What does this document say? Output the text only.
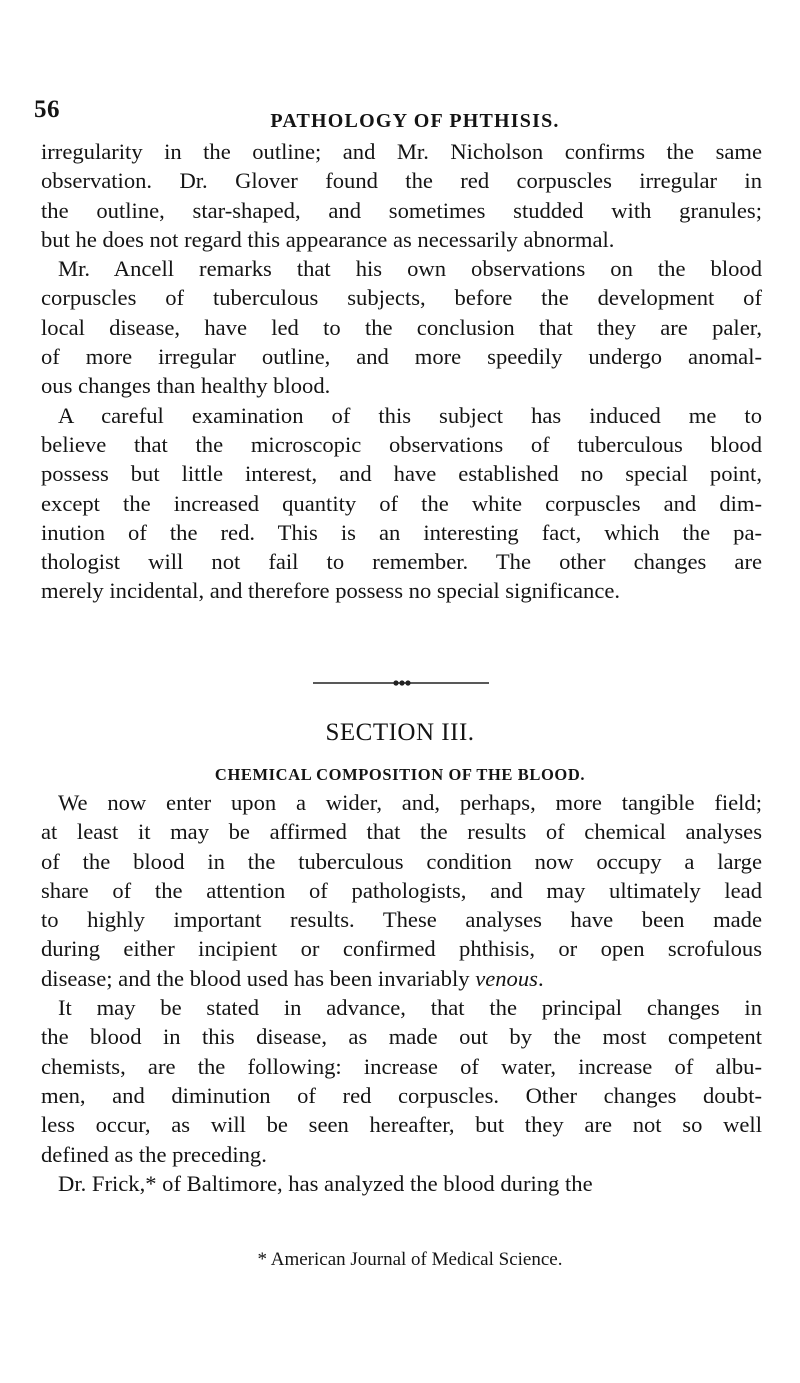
56	PATHOLOGY OF PHTHISIS.
irregularity in the outline; and Mr. Nicholson confirms the same
observation. Dr. Glover found the red corpuscles irregular in
the outline, star-shaped, and sometimes studded with granules;
but he does not regard this appearance as necessarily abnormal.
Mr. Ancell remarks that his own observations on the blood
corpuscles of tuberculous subjects, before the development of
local disease, have led to the conclusion that they are paler,
of more irregular outline, and more speedily undergo anomal-
ous changes than healthy blood.
A careful examination of this subject has induced me to
believe that the microscopic observations of tuberculous blood
possess but little interest, and have established no special point,
except the increased quantity of the white corpuscles and dim-
inution of the red. This is an interesting fact, which the pa-
thologist will not fail to remember. The other changes are
merely incidental, and therefore possess no special significance.
SECTION III.
CHEMICAL COMPOSITION OF THE BLOOD.
We now enter upon a wider, and, perhaps, more tangible field;
at least it may be affirmed that the results of chemical analyses
of the blood in the tuberculous condition now occupy a large
share of the attention of pathologists, and may ultimately lead
to highly important results. These analyses have been made
during either incipient or confirmed phthisis, or open scrofulous
disease; and the blood used has been invariably venous.
It may be stated in advance, that the principal changes in
the blood in this disease, as made out by the most competent
chemists, are the following: increase of water, increase of albu-
men, and diminution of red corpuscles. Other changes doubt-
less occur, as will be seen hereafter, but they are not so well
defined as the preceding.
Dr. Frick,* of Baltimore, has analyzed the blood during the
* American Journal of Medical Science.
